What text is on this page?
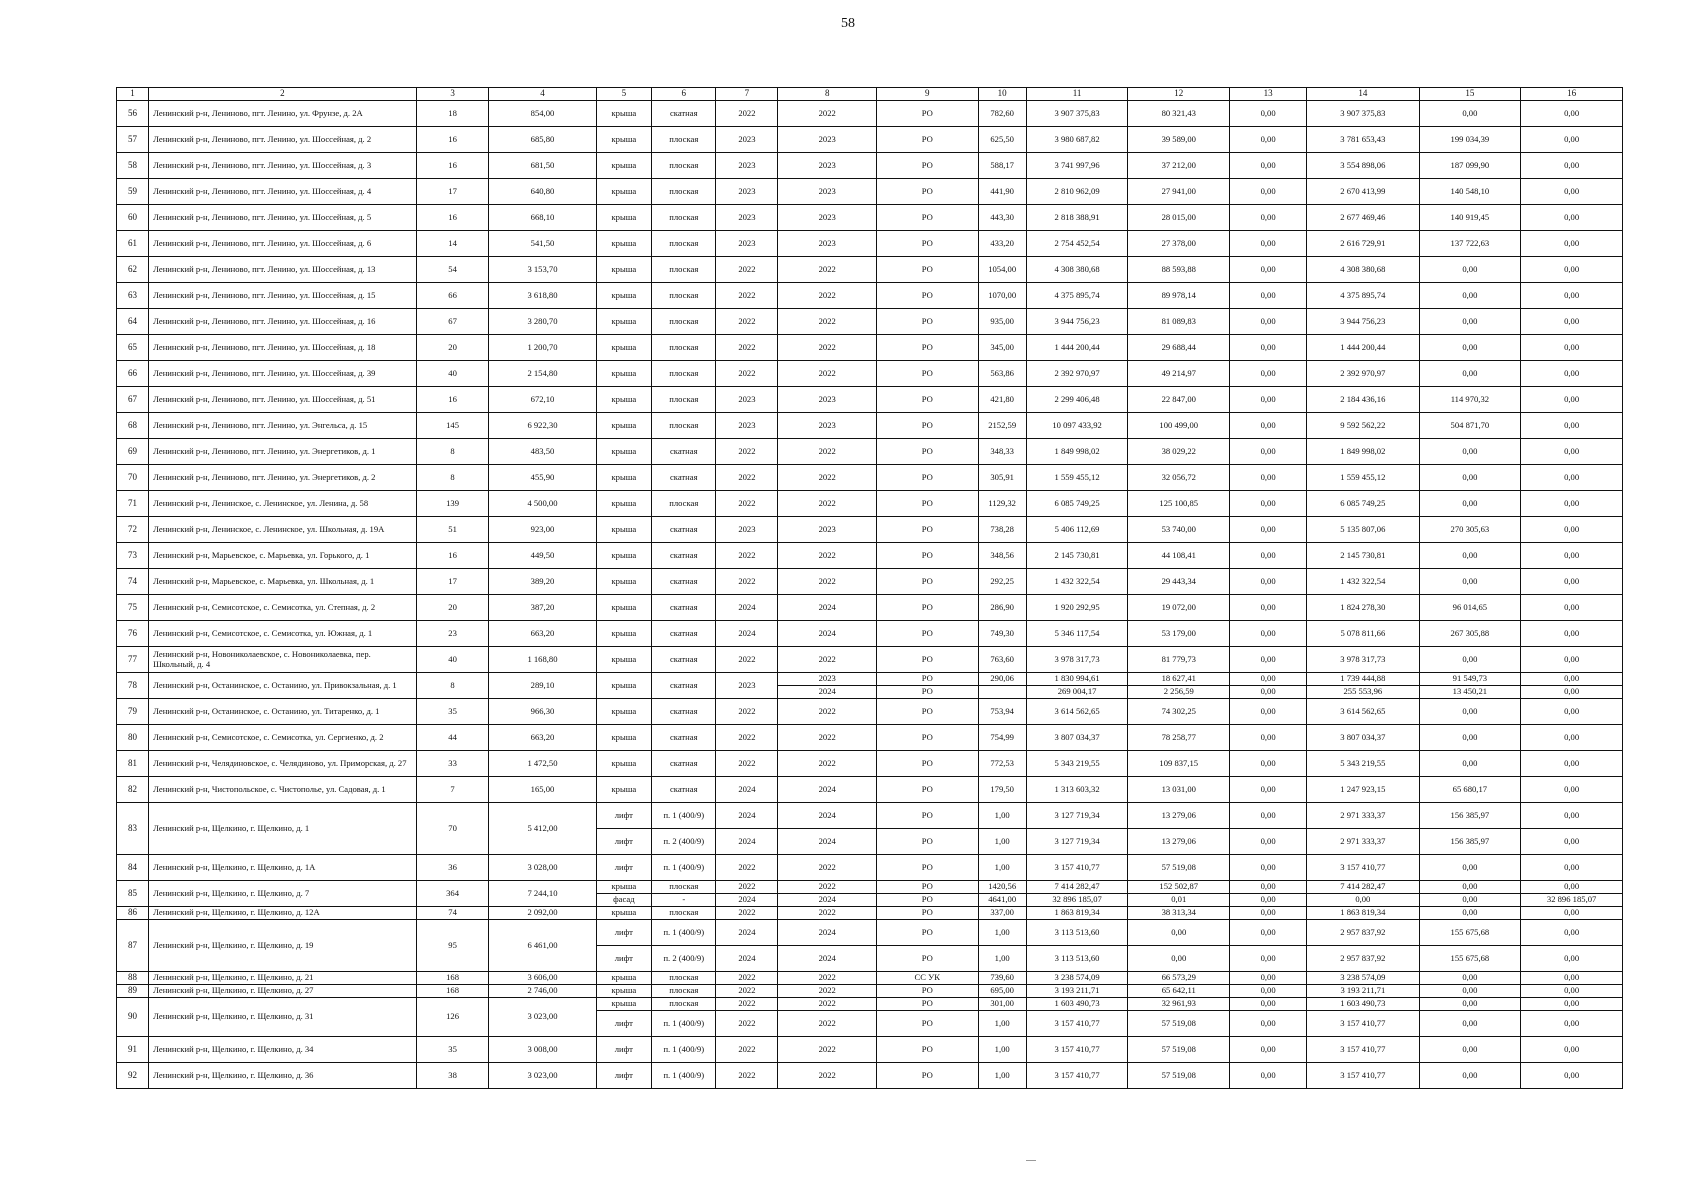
58
1	2	3	4	5	6	7	8	9	10	11	12	13	14	15	16
56	Ленинский р-н, Лениново, пгт. Ленино, ул. Фрунзе, д. 2А	18	854,00	крыша	скатная	2022	2022	РО	782,60	3 907 375,83	80 321,43	0,00	3 907 375,83	0,00	0,00
57	Ленинский р-н, Лениново, пгт. Ленино, ул. Шоссейная, д. 2	16	685,80	крыша	плоская	2023	2023	РО	625,50	3 980 687,82	39 589,00	0,00	3 781 653,43	199 034,39	0,00
58	Ленинский р-н, Лениново, пгт. Ленино, ул. Шоссейная, д. 3	16	681,50	крыша	плоская	2023	2023	РО	588,17	3 741 997,96	37 212,00	0,00	3 554 898,06	187 099,90	0,00
59	Ленинский р-н, Лениново, пгт. Ленино, ул. Шоссейная, д. 4	17	640,80	крыша	плоская	2023	2023	РО	441,90	2 810 962,09	27 941,00	0,00	2 670 413,99	140 548,10	0,00
60	Ленинский р-н, Лениново, пгт. Ленино, ул. Шоссейная, д. 5	16	668,10	крыша	плоская	2023	2023	РО	443,30	2 818 388,91	28 015,00	0,00	2 677 469,46	140 919,45	0,00
61	Ленинский р-н, Лениново, пгт. Ленино, ул. Шоссейная, д. 6	14	541,50	крыша	плоская	2023	2023	РО	433,20	2 754 452,54	27 378,00	0,00	2 616 729,91	137 722,63	0,00
62	Ленинский р-н, Лениново, пгт. Ленино, ул. Шоссейная, д. 13	54	3 153,70	крыша	плоская	2022	2022	РО	1054,00	4 308 380,68	88 593,88	0,00	4 308 380,68	0,00	0,00
63	Ленинский р-н, Лениново, пгт. Ленино, ул. Шоссейная, д. 15	66	3 618,80	крыша	плоская	2022	2022	РО	1070,00	4 375 895,74	89 978,14	0,00	4 375 895,74	0,00	0,00
64	Ленинский р-н, Лениново, пгт. Ленино, ул. Шоссейная, д. 16	67	3 280,70	крыша	плоская	2022	2022	РО	935,00	3 944 756,23	81 089,83	0,00	3 944 756,23	0,00	0,00
65	Ленинский р-н, Лениново, пгт. Ленино, ул. Шоссейная, д. 18	20	1 200,70	крыша	плоская	2022	2022	РО	345,00	1 444 200,44	29 688,44	0,00	1 444 200,44	0,00	0,00
66	Ленинский р-н, Лениново, пгт. Ленино, ул. Шоссейная, д. 39	40	2 154,80	крыша	плоская	2022	2022	РО	563,86	2 392 970,97	49 214,97	0,00	2 392 970,97	0,00	0,00
67	Ленинский р-н, Лениново, пгт. Ленино, ул. Шоссейная, д. 51	16	672,10	крыша	плоская	2023	2023	РО	421,80	2 299 406,48	22 847,00	0,00	2 184 436,16	114 970,32	0,00
68	Ленинский р-н, Лениново, пгт. Ленино, ул. Энгельса, д. 15	145	6 922,30	крыша	плоская	2023	2023	РО	2152,59	10 097 433,92	100 499,00	0,00	9 592 562,22	504 871,70	0,00
69	Ленинский р-н, Лениново, пгт. Ленино, ул. Энергетиков, д. 1	8	483,50	крыша	скатная	2022	2022	РО	348,33	1 849 998,02	38 029,22	0,00	1 849 998,02	0,00	0,00
70	Ленинский р-н, Лениново, пгт. Ленино, ул. Энергетиков, д. 2	8	455,90	крыша	скатная	2022	2022	РО	305,91	1 559 455,12	32 056,72	0,00	1 559 455,12	0,00	0,00
71	Ленинский р-н, Ленинское, с. Ленинское, ул. Ленина, д. 58	139	4 500,00	крыша	плоская	2022	2022	РО	1129,32	6 085 749,25	125 100,85	0,00	6 085 749,25	0,00	0,00
72	Ленинский р-н, Ленинское, с. Ленинское, ул. Школьная, д. 19А	51	923,00	крыша	скатная	2023	2023	РО	738,28	5 406 112,69	53 740,00	0,00	5 135 807,06	270 305,63	0,00
73	Ленинский р-н, Марьевское, с. Марьевка, ул. Горького, д. 1	16	449,50	крыша	скатная	2022	2022	РО	348,56	2 145 730,81	44 108,41	0,00	2 145 730,81	0,00	0,00
74	Ленинский р-н, Марьевское, с. Марьевка, ул. Школьная, д. 1	17	389,20	крыша	скатная	2022	2022	РО	292,25	1 432 322,54	29 443,34	0,00	1 432 322,54	0,00	0,00
75	Ленинский р-н, Семисотское, с. Семисотка, ул. Степная, д. 2	20	387,20	крыша	скатная	2024	2024	РО	286,90	1 920 292,95	19 072,00	0,00	1 824 278,30	96 014,65	0,00
76	Ленинский р-н, Семисотское, с. Семисотка, ул. Южная, д. 1	23	663,20	крыша	скатная	2024	2024	РО	749,30	5 346 117,54	53 179,00	0,00	5 078 811,66	267 305,88	0,00
77	Ленинский р-н, Новониколаевское, с. Новониколаевка, пер. Школьный, д. 4	40	1 168,80	крыша	скатная	2022	2022	РО	763,60	3 978 317,73	81 779,73	0,00	3 978 317,73	0,00	0,00
78	Ленинский р-н, Останинское, с. Останино, ул. Привокзальная, д. 1	8	289,10	крыша	скатная	2023	2023	РО	290,06	1 830 994,61	18 627,41	0,00	1 739 444,88	91 549,73	0,00
							2024	РО		269 004,17	2 256,59	0,00	255 553,96	13 450,21	0,00
79	Ленинский р-н, Останинское, с. Останино, ул. Титаренко, д. 1	35	966,30	крыша	скатная	2022	2022	РО	753,94	3 614 562,65	74 302,25	0,00	3 614 562,65	0,00	0,00
80	Ленинский р-н, Семисотское, с. Семисотка, ул. Сергиенко, д. 2	44	663,20	крыша	скатная	2022	2022	РО	754,99	3 807 034,37	78 258,77	0,00	3 807 034,37	0,00	0,00
81	Ленинский р-н, Челядиновское, с. Челядиново, ул. Приморская, д. 27	33	1 472,50	крыша	скатная	2022	2022	РО	772,53	5 343 219,55	109 837,15	0,00	5 343 219,55	0,00	0,00
82	Ленинский р-н, Чистопольское, с. Чистополье, ул. Садовая, д. 1	7	165,00	крыша	скатная	2024	2024	РО	179,50	1 313 603,32	13 031,00	0,00	1 247 923,15	65 680,17	0,00
83	Ленинский р-н, Щелкино, г. Щелкино, д. 1	70	5 412,00	лифт	п. 1 (400/9)	2024	2024	РО	1,00	3 127 719,34	13 279,06	0,00	2 971 333,37	156 385,97	0,00
				лифт	п. 2 (400/9)	2024	2024	РО	1,00	3 127 719,34	13 279,06	0,00	2 971 333,37	156 385,97	0,00
84	Ленинский р-н, Щелкино, г. Щелкино, д. 1А	36	3 028,00	лифт	п. 1 (400/9)	2022	2022	РО	1,00	3 157 410,77	57 519,08	0,00	3 157 410,77	0,00	0,00
85	Ленинский р-н, Щелкино, г. Щелкино, д. 7	364	7 244,10	крыша	плоская	2022	2022	РО	1420,56	7 414 282,47	152 502,87	0,00	7 414 282,47	0,00	0,00
				фасад	-	2024	2024	РО	4641,00	32 896 185,07	0,01	0,00	0,00	0,00	32 896 185,07
86	Ленинский р-н, Щелкино, г. Щелкино, д. 12А	74	2 092,00	крыша	плоская	2022	2022	РО	337,00	1 863 819,34	38 313,34	0,00	1 863 819,34	0,00	0,00
87	Ленинский р-н, Щелкино, г. Щелкино, д. 19	95	6 461,00	лифт	п. 1 (400/9)	2024	2024	РО	1,00	3 113 513,60	0,00	0,00	2 957 837,92	155 675,68	0,00
				лифт	п. 2 (400/9)	2024	2024	РО	1,00	3 113 513,60	0,00	0,00	2 957 837,92	155 675,68	0,00
88	Ленинский р-н, Щелкино, г. Щелкино, д. 21	168	3 606,00	крыша	плоская	2022	2022	СС УК	739,60	3 238 574,09	66 573,29	0,00	3 238 574,09	0,00	0,00
89	Ленинский р-н, Щелкино, г. Щелкино, д. 27	168	2 746,00	крыша	плоская	2022	2022	РО	695,00	3 193 211,71	65 642,11	0,00	3 193 211,71	0,00	0,00
90	Ленинский р-н, Щелкино, г. Щелкино, д. 31	126	3 023,00	крыша	плоская	2022	2022	РО	301,00	1 603 490,73	32 961,93	0,00	1 603 490,73	0,00	0,00
				лифт	п. 1 (400/9)	2022	2022	РО	1,00	3 157 410,77	57 519,08	0,00	3 157 410,77	0,00	0,00
91	Ленинский р-н, Щелкино, г. Щелкино, д. 34	35	3 008,00	лифт	п. 1 (400/9)	2022	2022	РО	1,00	3 157 410,77	57 519,08	0,00	3 157 410,77	0,00	0,00
92	Ленинский р-н, Щелкино, г. Щелкино, д. 36	38	3 023,00	лифт	п. 1 (400/9)	2022	2022	РО	1,00	3 157 410,77	57 519,08	0,00	3 157 410,77	0,00	0,00
